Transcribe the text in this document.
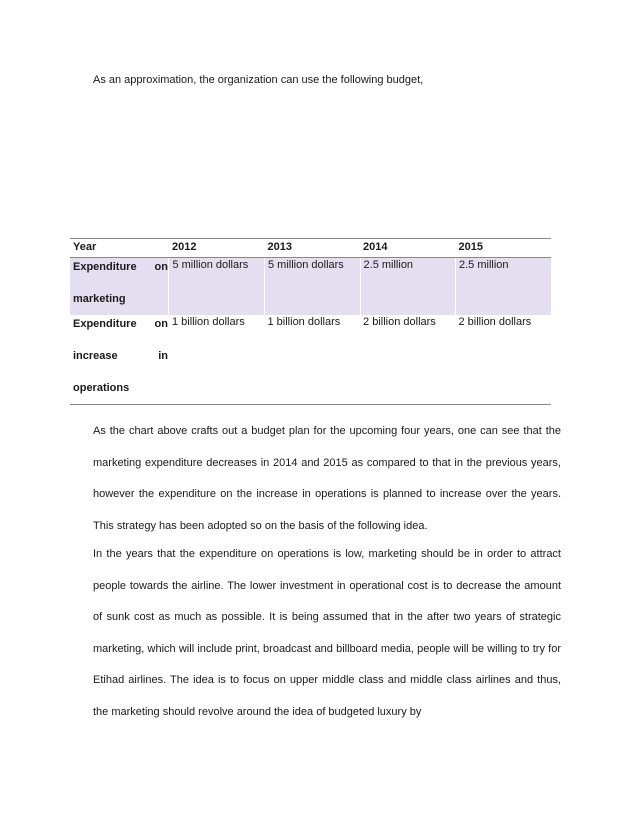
As an approximation, the organization can use the following budget,

Year	2012	2013	2014	2015

Expenditure on
marketing	5 million dollars	5 million dollars	2.5 million	2.5 million

Expenditure on
increase in
operations	1 billion dollars	1 billion dollars	2 billion dollars	2 billion dollars

As the chart above crafts out a budget plan for the upcoming four years, one can see that the marketing expenditure decreases in 2014 and 2015 as compared to that in the previous years, however the expenditure on the increase in operations is planned to increase over the years. This strategy has been adopted so on the basis of the following idea.

In the years that the expenditure on operations is low, marketing should be in order to attract people towards the airline. The lower investment in operational cost is to decrease the amount of sunk cost as much as possible. It is being assumed that in the after two years of strategic marketing, which will include print, broadcast and billboard media, people will be willing to try for Etihad airlines. The idea is to focus on upper middle class and middle class airlines and thus, the marketing should revolve around the idea of budgeted luxury by
